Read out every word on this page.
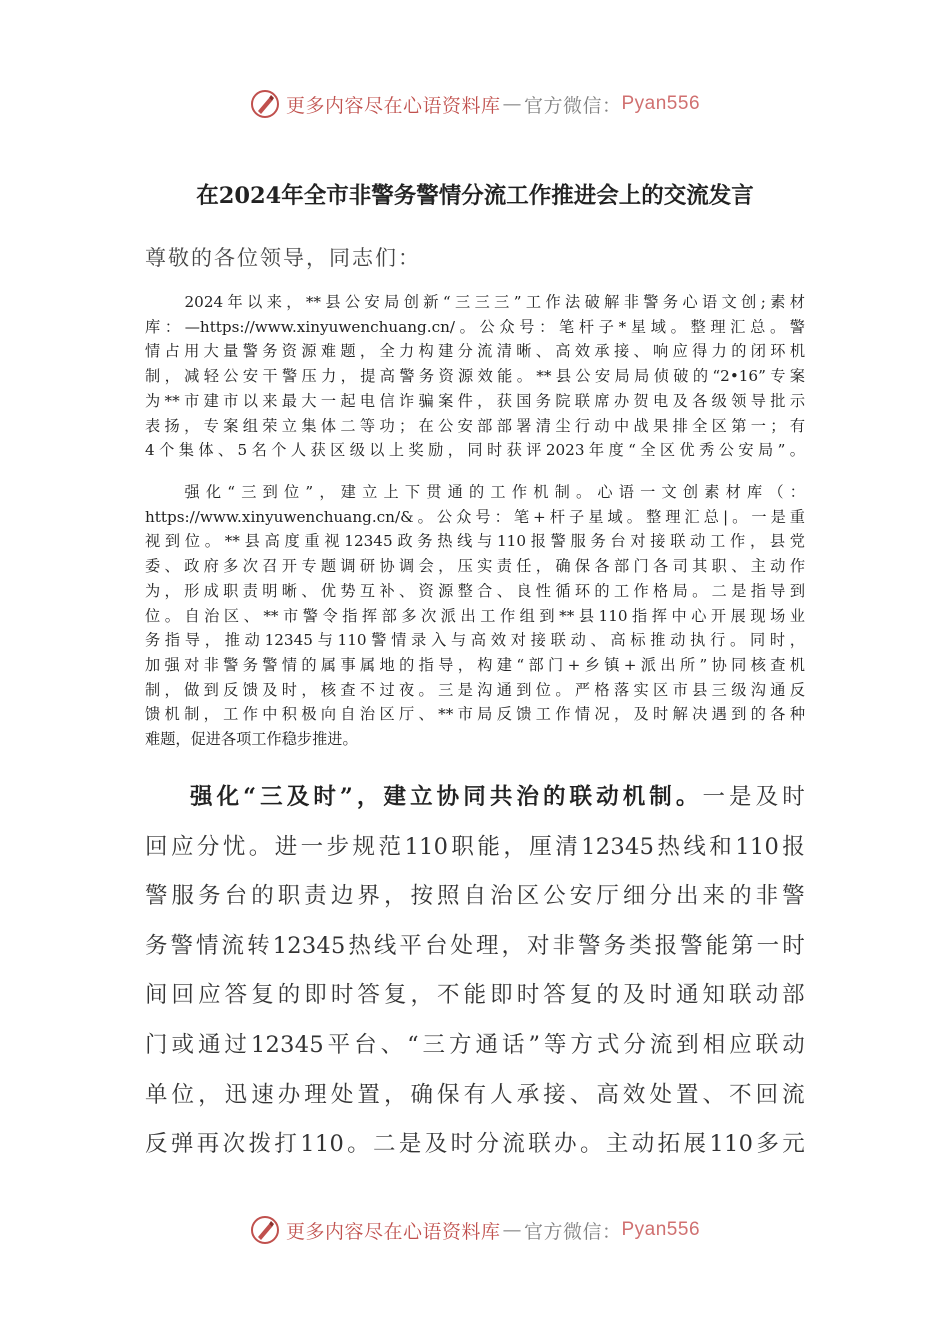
更多内容尽在心语资料库 — 官方微信： Pyan556
在2024年全市非警务警情分流工作推进会上的交流发言
尊敬的各位领导，同志们：
2024年以来，**县公安局创新“三三三”工作法破解非警务心语文创;素材
库：—https://www.xinyuwenchuang.cn/。公众号：笔杆子*星域。整理汇总。警
情占用大量警务资源难题，全力构建分流清晰、高效承接、响应得力的闭环机
制，减轻公安干警压力，提高警务资源效能。**县公安局局侦破的“2•16”专案
为**市建市以来最大一起电信诈骗案件，获国务院联席办贺电及各级领导批示
表扬，专案组荣立集体二等功；在公安部部署清尘行动中战果排全区第一；有
4个集体、5名个人获区级以上奖励，同时获评2023年度“全区优秀公安局”。
强化“三到位”，建立上下贯通的工作机制。心语一文创素材库（：
https://www.xinyuwenchuang.cn/&。公众号：笔+杆子星域。整理汇总|。一是重
视到位。**县高度重视12345政务热线与110报警服务台对接联动工作，县党
委、政府多次召开专题调研协调会，压实责任，确保各部门各司其职、主动作
为，形成职责明晰、优势互补、资源整合、良性循环的工作格局。二是指导到
位。自治区、**市警令指挥部多次派出工作组到**县110指挥中心开展现场业
务指导，推动12345与110警情录入与高效对接联动、高标推动执行。同时，
加强对非警务警情的属事属地的指导，构建“部门+乡镇+派出所”协同核查机
制，做到反馈及时，核查不过夜。三是沟通到位。严格落实区市县三级沟通反
馈机制，工作中积极向自治区厅、**市局反馈工作情况，及时解决遇到的各种
难题，促进各项工作稳步推进。
强化“三及时”，建立协同共治的联动机制。一是及时
回应分忧。进一步规范110职能，厘清12345热线和110报
警服务台的职责边界，按照自治区公安厅细分出来的非警
务警情流转12345热线平台处理，对非警务类报警能第一时
间回应答复的即时答复，不能即时答复的及时通知联动部
门或通过12345平台、“三方通话”等方式分流到相应联动
单位，迅速办理处置，确保有人承接、高效处置、不回流
反弹再次拨打110。二是及时分流联办。主动拓展110多元
更多内容尽在心语资料库 — 官方微信： Pyan556
